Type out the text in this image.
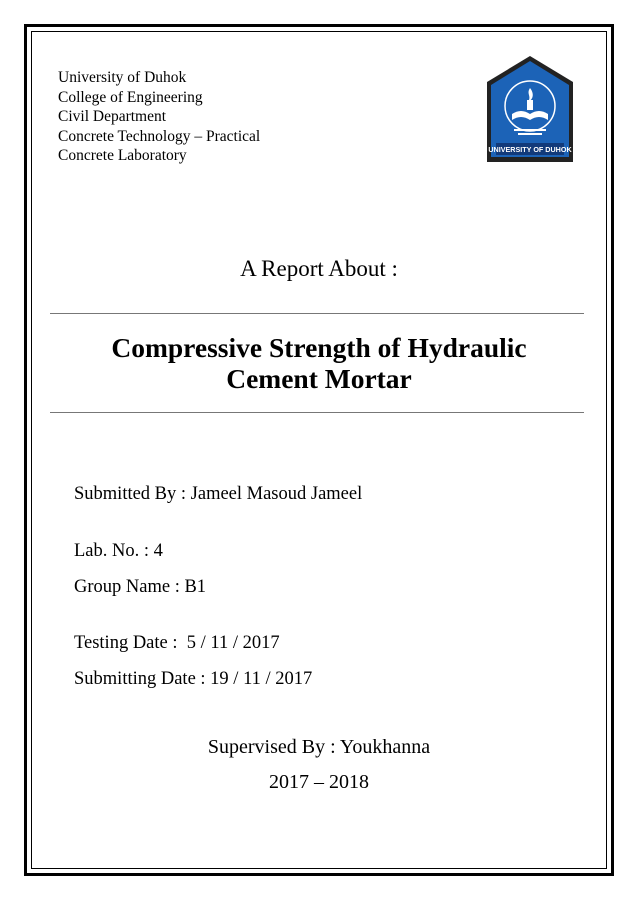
University of Duhok
College of Engineering
Civil Department
Concrete Technology – Practical
Concrete Laboratory	UNIVERSITY OF DUHOK
A Report About :
Compressive Strength of Hydraulic
Cement Mortar
Submitted By : Jameel Masoud Jameel
Lab. No. : 4
Group Name : B1
Testing Date :  5 / 11 / 2017
Submitting Date : 19 / 11 / 2017
Supervised By : Youkhanna
2017 – 2018
